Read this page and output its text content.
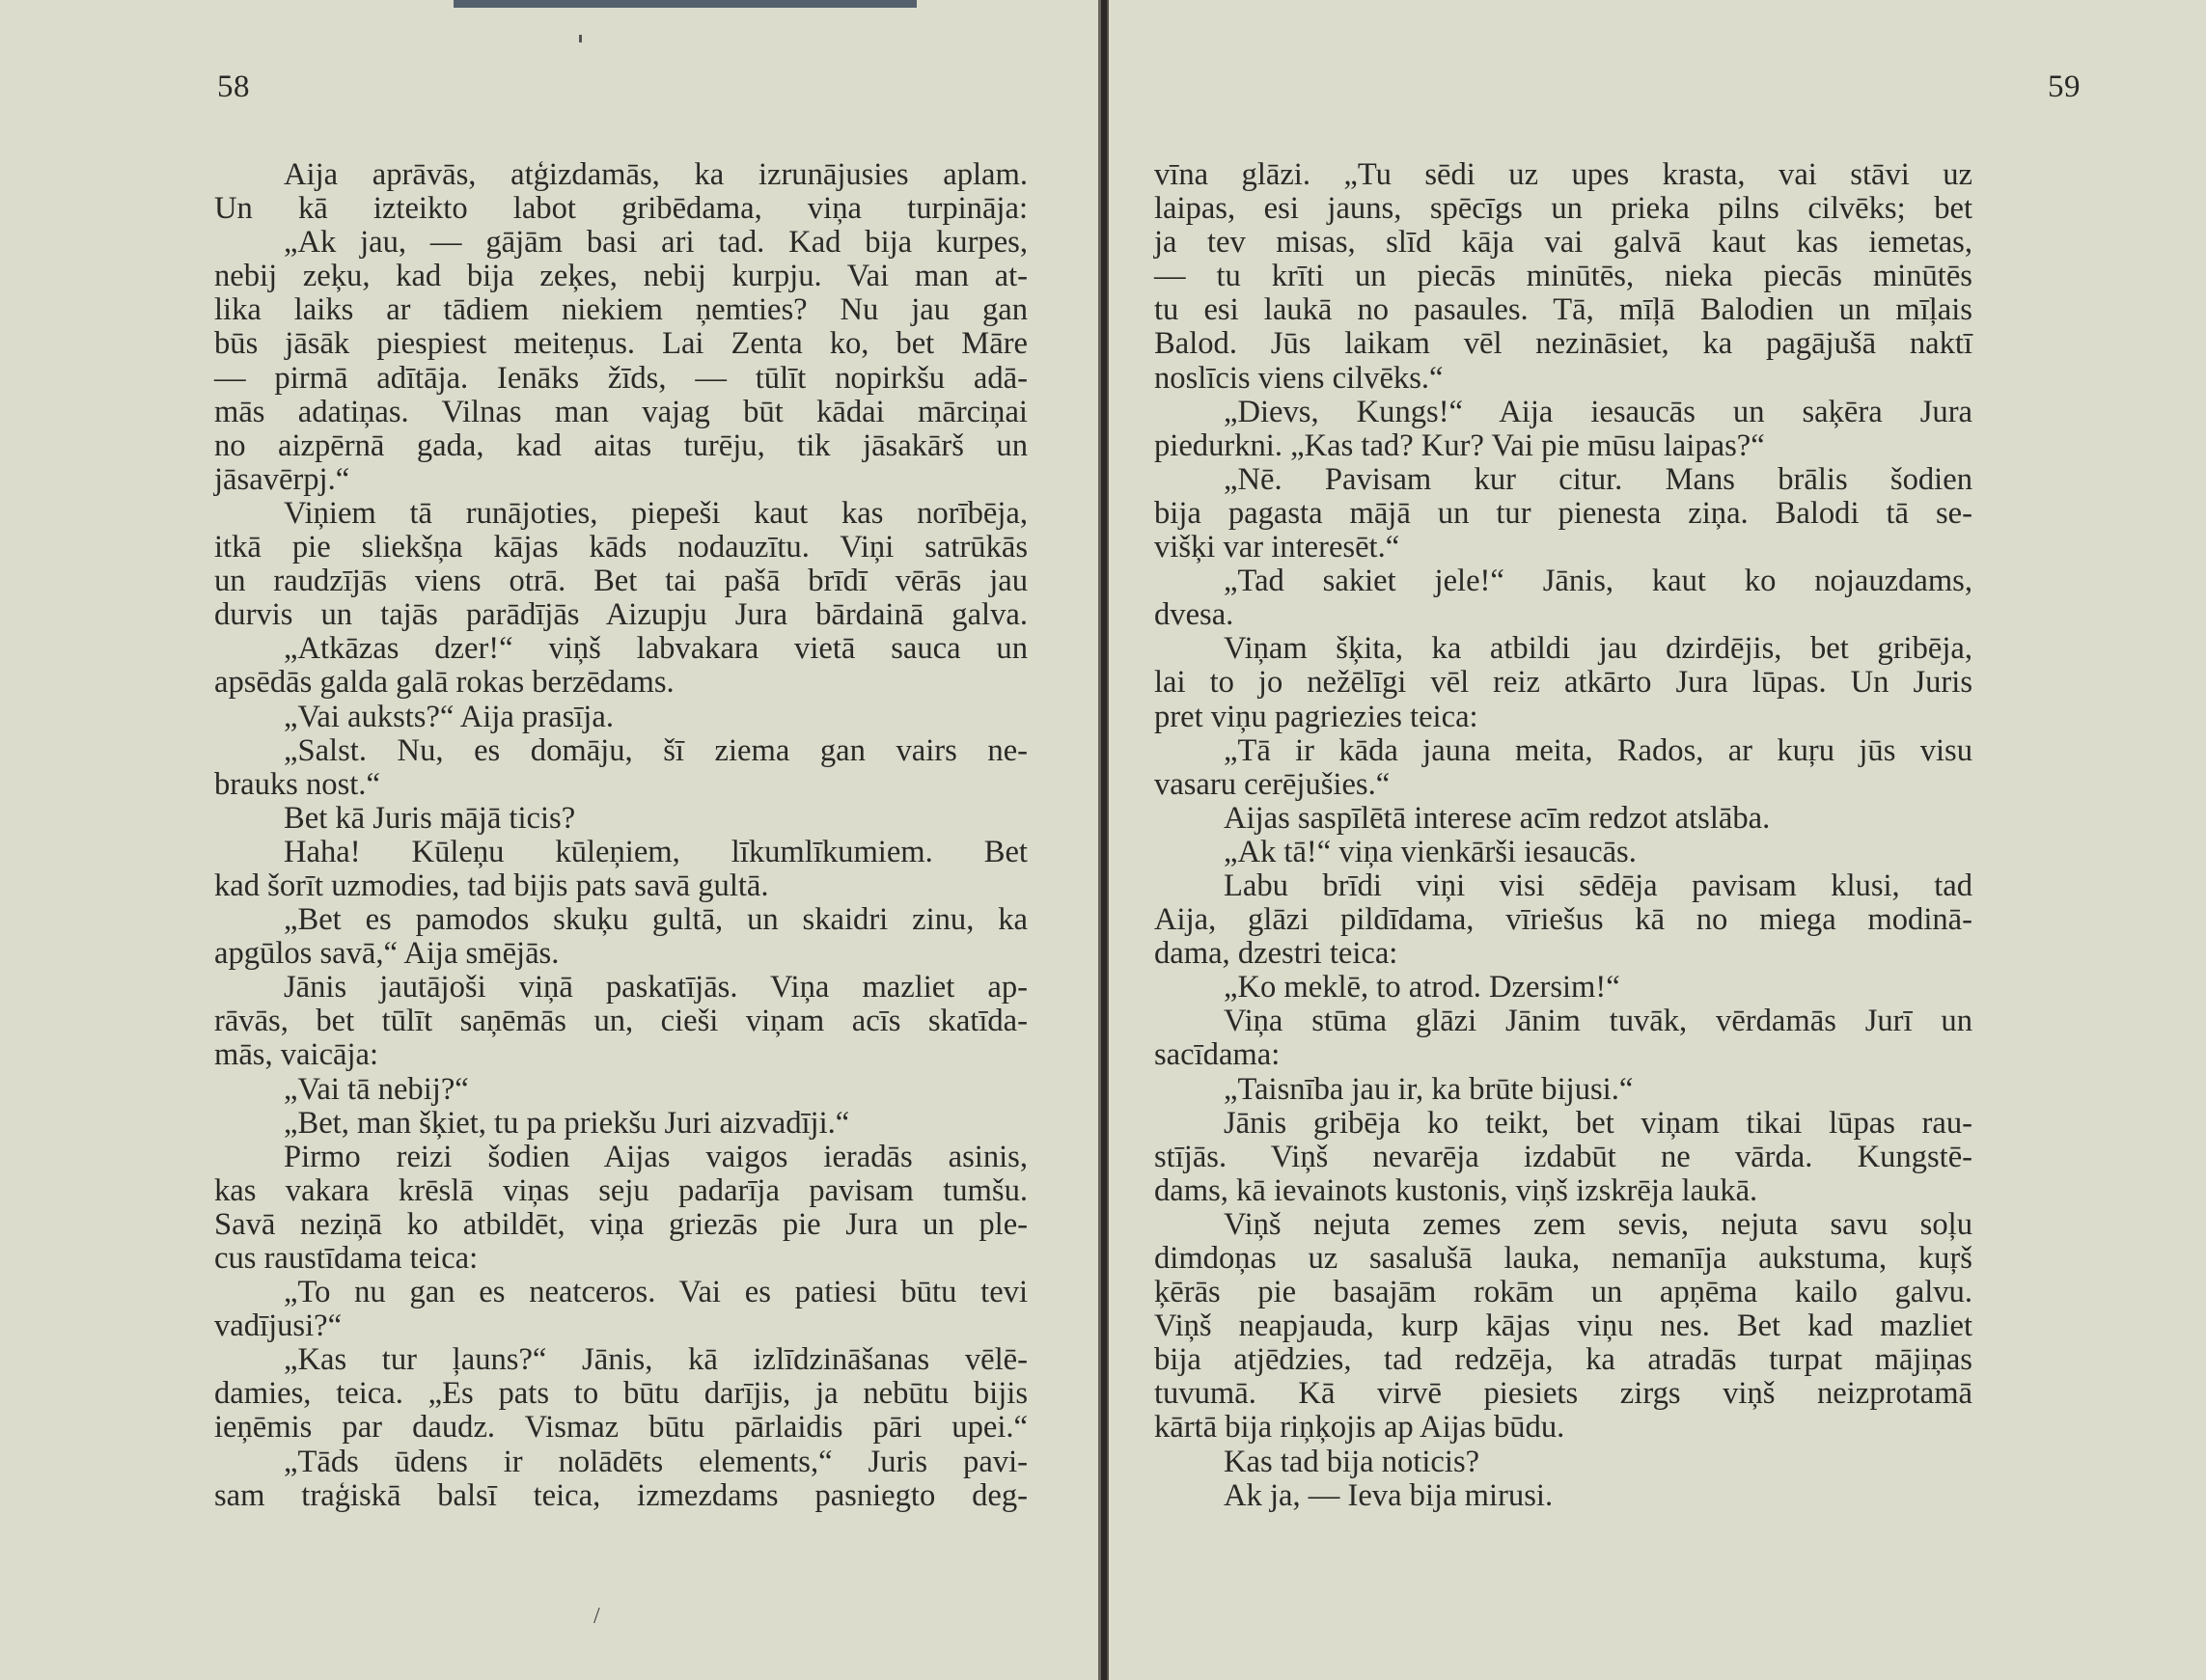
58
Aija aprāvās, atģizdamās, ka izrunājusies aplam.
Un kā izteikto labot gribēdama, viņa turpināja:
„Ak jau, — gājām basi ari tad. Kad bija kurpes,
nebij zeķu, kad bija zeķes, nebij kurpju. Vai man at-
lika laiks ar tādiem niekiem ņemties? Nu jau gan
būs jāsāk piespiest meiteņus. Lai Zenta ko, bet Māre
— pirmā adītāja. Ienāks žīds, — tūlīt nopirkšu adā-
mās adatiņas. Vilnas man vajag būt kādai mārciņai
no aizpērnā gada, kad aitas turēju, tik jāsakārš un
jāsavērpj.“
Viņiem tā runājoties, piepeši kaut kas norībēja,
itkā pie sliekšņa kājas kāds nodauzītu. Viņi satrūkās
un raudzījās viens otrā. Bet tai pašā brīdī vērās jau
durvis un tajās parādījās Aizupju Jura bārdainā galva.
„Atkāzas dzer!“ viņš labvakara vietā sauca un
apsēdās galda galā rokas berzēdams.
„Vai auksts?“ Aija prasīja.
„Salst. Nu, es domāju, šī ziema gan vairs ne-
brauks nost.“
Bet kā Juris mājā ticis?
Haha! Kūleņu kūleņiem, līkumlīkumiem. Bet
kad šorīt uzmodies, tad bijis pats savā gultā.
„Bet es pamodos skuķu gultā, un skaidri zinu, ka
apgūlos savā,“ Aija smējās.
Jānis jautājoši viņā paskatījās. Viņa mazliet ap-
rāvās, bet tūlīt saņēmās un, cieši viņam acīs skatīda-
mās, vaicāja:
„Vai tā nebij?“
„Bet, man šķiet, tu pa priekšu Juri aizvadīji.“
Pirmo reizi šodien Aijas vaigos ieradās asinis,
kas vakara krēslā viņas seju padarīja pavisam tumšu.
Savā neziņā ko atbildēt, viņa griezās pie Jura un ple-
cus raustīdama teica:
„To nu gan es neatceros. Vai es patiesi būtu tevi
vadījusi?“
„Kas tur ļauns?“ Jānis, kā izlīdzināšanas vēlē-
damies, teica. „Es pats to būtu darījis, ja nebūtu bijis
ieņēmis par daudz. Vismaz būtu pārlaidis pāri upei.“
„Tāds ūdens ir nolādēts elements,“ Juris pavi-
sam traģiskā balsī teica, izmezdams pasniegto deg-
/
59
vīna glāzi. „Tu sēdi uz upes krasta, vai stāvi uz
laipas, esi jauns, spēcīgs un prieka pilns cilvēks; bet
ja tev misas, slīd kāja vai galvā kaut kas iemetas,
— tu krīti un piecās minūtēs, nieka piecās minūtēs
tu esi laukā no pasaules. Tā, mīļā Balodien un mīļais
Balod. Jūs laikam vēl nezināsiet, ka pagājušā naktī
noslīcis viens cilvēks.“
„Dievs, Kungs!“ Aija iesaucās un saķēra Jura
piedurkni. „Kas tad? Kur? Vai pie mūsu laipas?“
„Nē. Pavisam kur citur. Mans brālis šodien
bija pagasta mājā un tur pienesta ziņa. Balodi tā se-
višķi var interesēt.“
„Tad sakiet jele!“ Jānis, kaut ko nojauzdams,
dvesa.
Viņam šķita, ka atbildi jau dzirdējis, bet gribēja,
lai to jo nežēlīgi vēl reiz atkārto Jura lūpas. Un Juris
pret viņu pagriezies teica:
„Tā ir kāda jauna meita, Rados, ar kuŗu jūs visu
vasaru cerējušies.“
Aijas saspīlētā interese acīm redzot atslāba.
„Ak tā!“ viņa vienkārši iesaucās.
Labu brīdi viņi visi sēdēja pavisam klusi, tad
Aija, glāzi pildīdama, vīriešus kā no miega modinā-
dama, dzestri teica:
„Ko meklē, to atrod. Dzersim!“
Viņa stūma glāzi Jānim tuvāk, vērdamās Jurī un
sacīdama:
„Taisnība jau ir, ka brūte bijusi.“
Jānis gribēja ko teikt, bet viņam tikai lūpas rau-
stījās. Viņš nevarēja izdabūt ne vārda. Kungstē-
dams, kā ievainots kustonis, viņš izskrēja laukā.
Viņš nejuta zemes zem sevis, nejuta savu soļu
dimdoņas uz sasalušā lauka, nemanīja aukstuma, kuŗš
ķērās pie basajām rokām un apņēma kailo galvu.
Viņš neapjauda, kurp kājas viņu nes. Bet kad mazliet
bija atjēdzies, tad redzēja, ka atradās turpat mājiņas
tuvumā. Kā virvē piesiets zirgs viņš neizprotamā
kārtā bija riņķojis ap Aijas būdu.
Kas tad bija noticis?
Ak ja, — Ieva bija mirusi.
